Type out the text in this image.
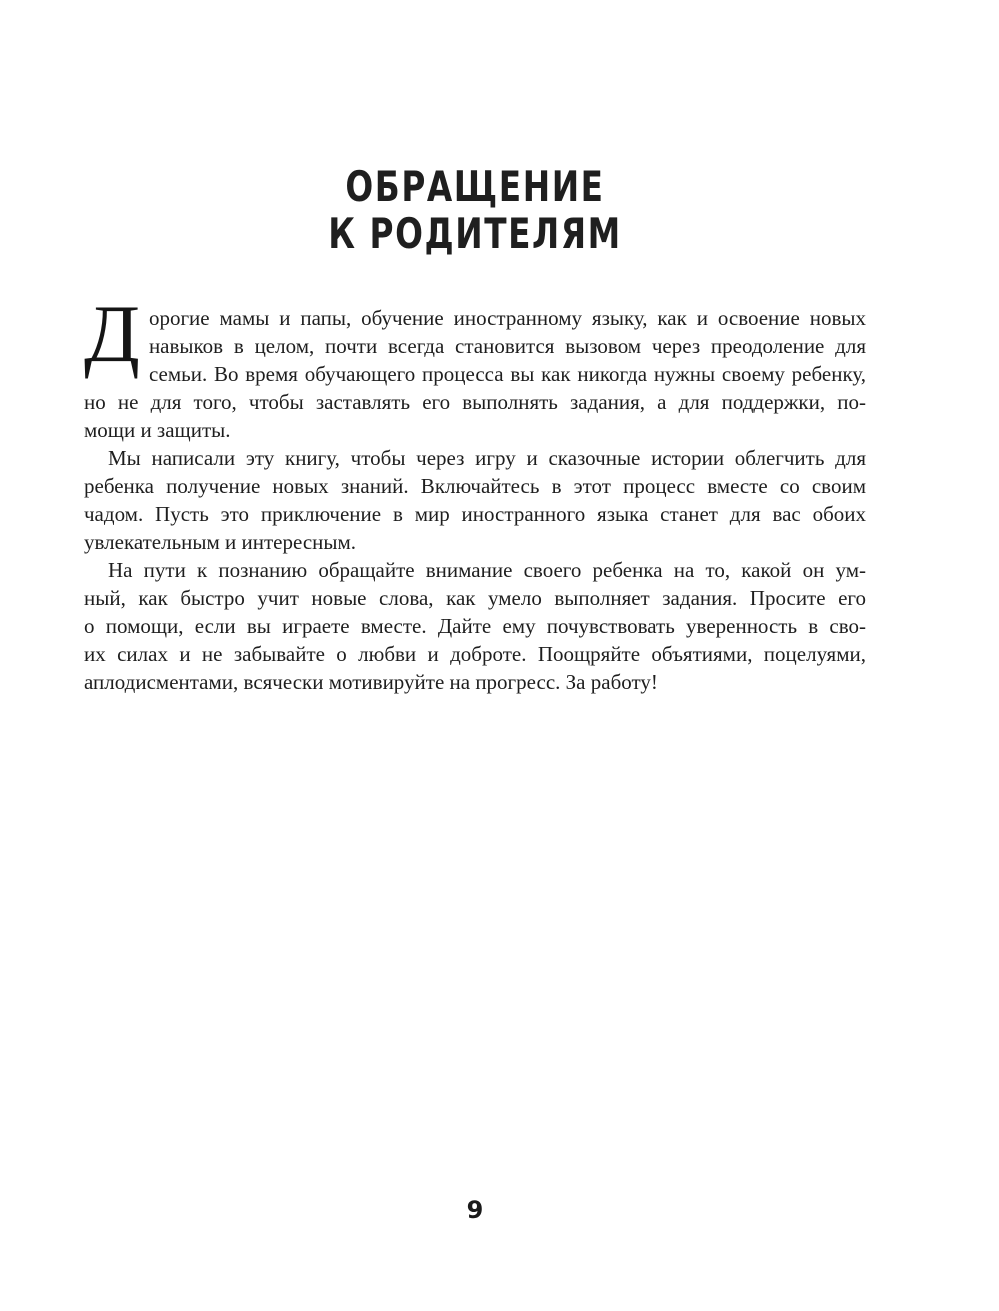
ОБРАЩЕНИЕ
К РОДИТЕЛЯМ

Д орогие мамы и папы, обучение иностранному языку, как и освоение новых
навыков в целом, почти всегда становится вызовом через преодоление для
семьи. Во время обучающего процесса вы как никогда нужны своему ребенку,
но не для того, чтобы заставлять его выполнять задания, а для поддержки, по-
мощи и защиты.

Мы написали эту книгу, чтобы через игру и сказочные истории облегчить для
ребенка получение новых знаний. Включайтесь в этот процесс вместе со своим
чадом. Пусть это приключение в мир иностранного языка станет для вас обоих
увлекательным и интересным.

На пути к познанию обращайте внимание своего ребенка на то, какой он ум-
ный, как быстро учит новые слова, как умело выполняет задания. Просите его
о помощи, если вы играете вместе. Дайте ему почувствовать уверенность в сво-
их силах и не забывайте о любви и доброте. Поощряйте объятиями, поцелуями,
аплодисментами, всячески мотивируйте на прогресс. За работу!

9
